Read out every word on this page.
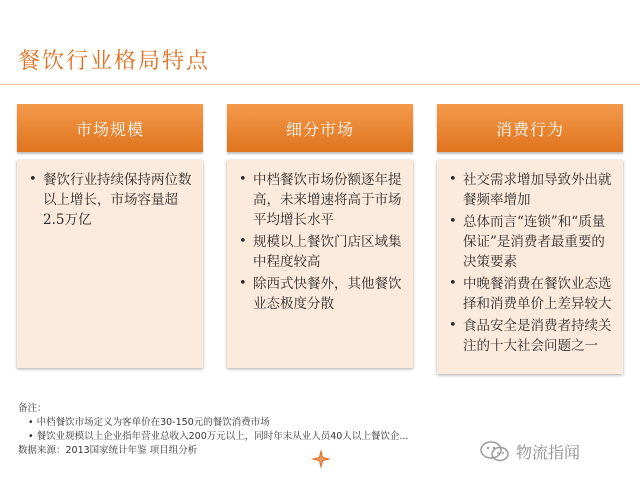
餐饮行业格局特点
市场规模
• 餐饮行业持续保持两位数以上增长，市场容量超2.5万亿
细分市场
• 中档餐饮市场份额逐年提高，未来增速将高于市场平均增长水平
• 规模以上餐饮门店区域集中程度较高
• 除西式快餐外，其他餐饮业态极度分散
消费行为
• 社交需求增加导致外出就餐频率增加
• 总体而言“连锁”和“质量保证”是消费者最重要的决策要素
• 中晚餐消费在餐饮业态选择和消费单价上差异较大
• 食品安全是消费者持续关注的十大社会问题之一
备注：
• 中档餐饮市场定义为客单价在30-150元的餐饮消费市场
• 餐饮业规模以上企业指年营业总收入200万元以上，同时年末从业人员40人以上餐饮企...
数据来源：2013国家统计年鉴 项目组分析	物流指闻
